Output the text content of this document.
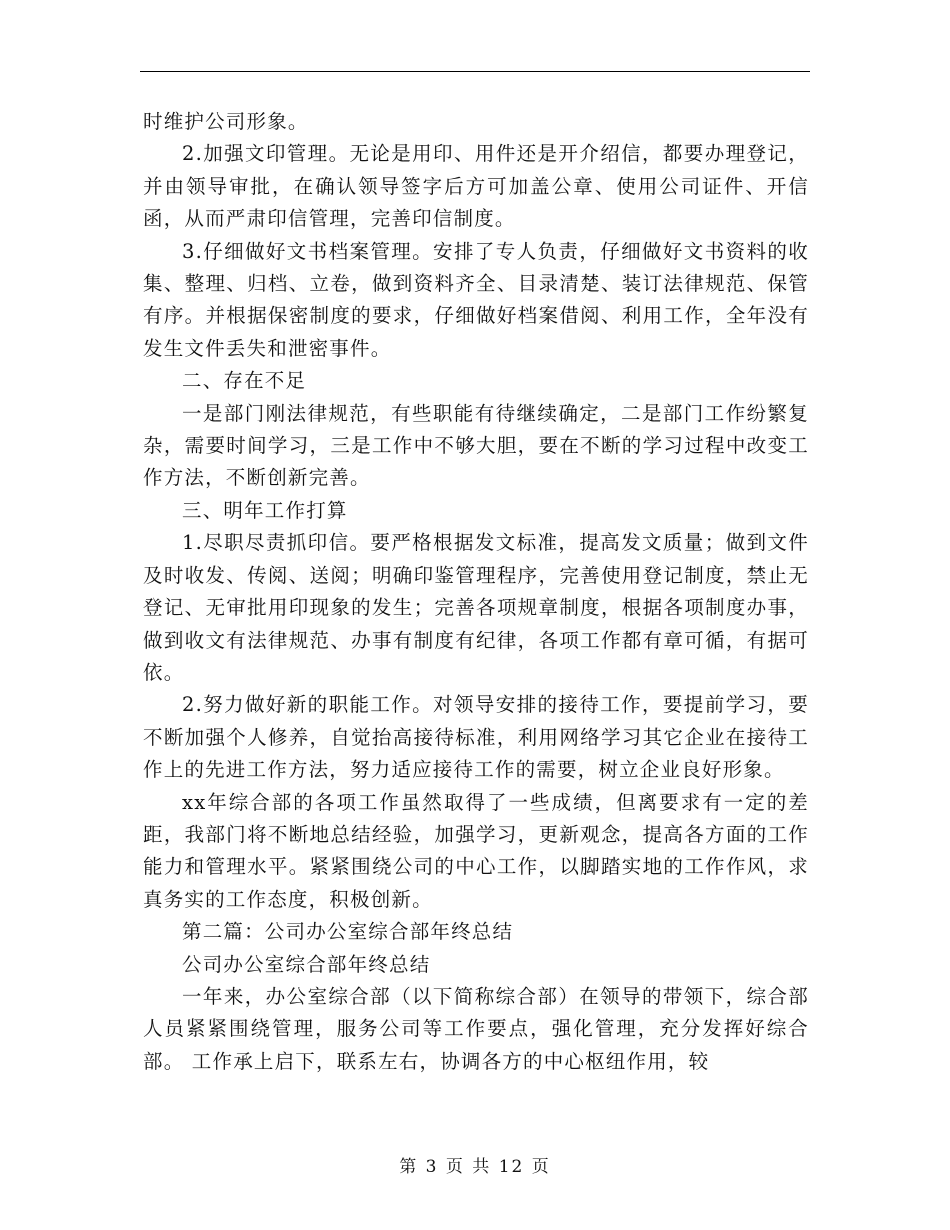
时维护公司形象。

2.加强文印管理。无论是用印、用件还是开介绍信，都要办理登记，并由领导审批，在确认领导签字后方可加盖公章、使用公司证件、开信函，从而严肃印信管理，完善印信制度。

3.仔细做好文书档案管理。安排了专人负责，仔细做好文书资料的收集、整理、归档、立卷，做到资料齐全、目录清楚、装订法律规范、保管有序。并根据保密制度的要求，仔细做好档案借阅、利用工作，全年没有发生文件丢失和泄密事件。

二、存在不足

一是部门刚法律规范，有些职能有待继续确定，二是部门工作纷繁复杂，需要时间学习，三是工作中不够大胆，要在不断的学习过程中改变工作方法，不断创新完善。

三、明年工作打算

1.尽职尽责抓印信。要严格根据发文标准，提高发文质量；做到文件及时收发、传阅、送阅；明确印鉴管理程序，完善使用登记制度，禁止无登记、无审批用印现象的发生；完善各项规章制度，根据各项制度办事，做到收文有法律规范、办事有制度有纪律，各项工作都有章可循，有据可依。

2.努力做好新的职能工作。对领导安排的接待工作，要提前学习，要不断加强个人修养，自觉抬高接待标准，利用网络学习其它企业在接待工作上的先进工作方法，努力适应接待工作的需要，树立企业良好形象。

xx年综合部的各项工作虽然取得了一些成绩，但离要求有一定的差距，我部门将不断地总结经验，加强学习，更新观念，提高各方面的工作能力和管理水平。紧紧围绕公司的中心工作，以脚踏实地的工作作风，求真务实的工作态度，积极创新。

第二篇：公司办公室综合部年终总结

公司办公室综合部年终总结

一年来，办公室综合部（以下简称综合部）在领导的带领下，综合部人员紧紧围绕管理，服务公司等工作要点，强化管理，充分发挥好综合部。 工作承上启下，联系左右，协调各方的中心枢纽作用，较

第 3 页 共 12 页
